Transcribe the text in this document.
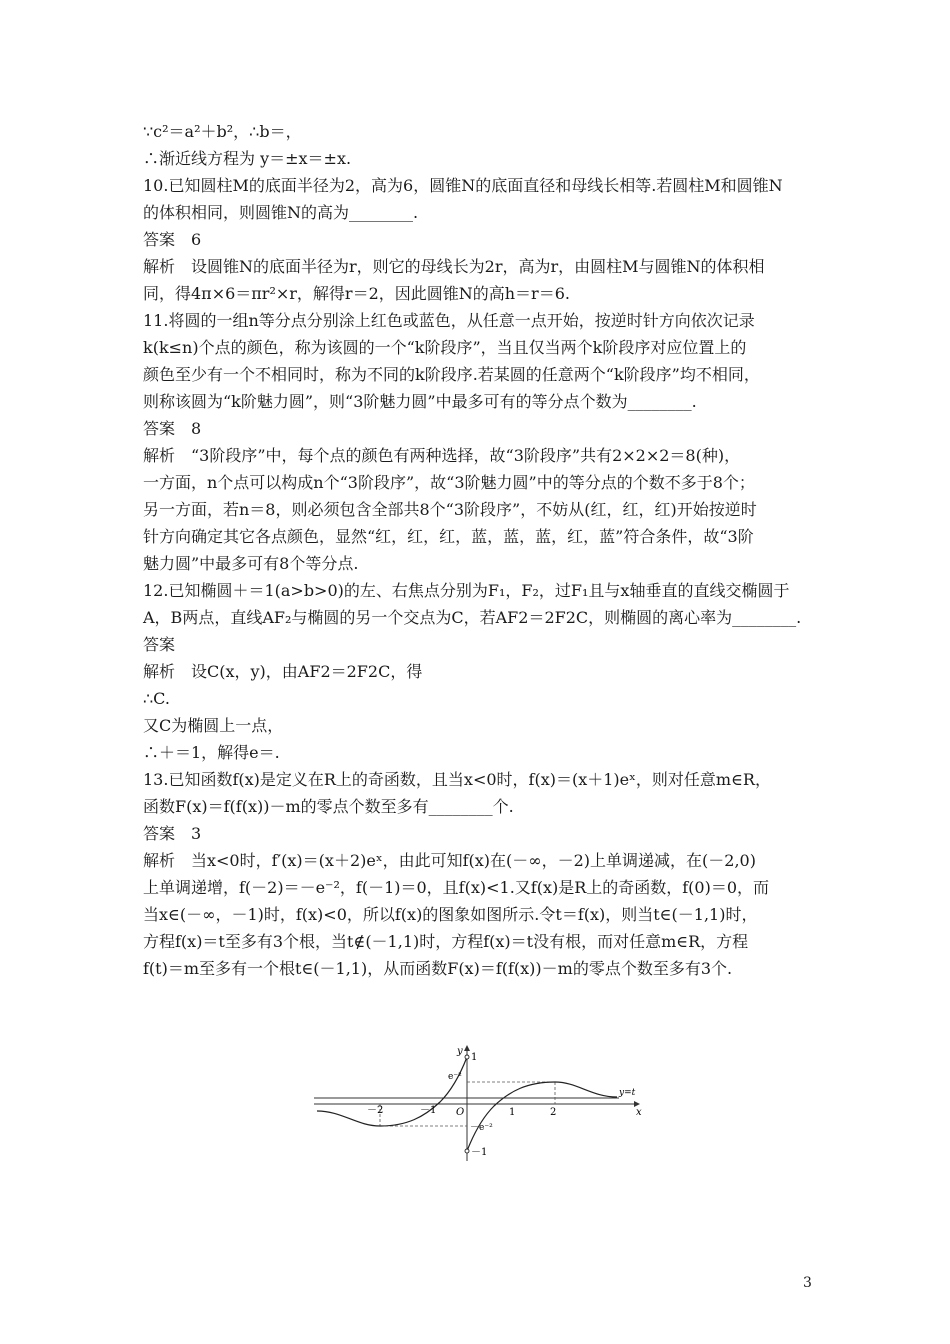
∵c²＝a²＋b²，∴b＝，
∴渐近线方程为 y＝±x＝±x.
10.已知圆柱M的底面半径为2，高为6，圆锥N的底面直径和母线长相等.若圆柱M和圆锥N
的体积相同，则圆锥N的高为________.
答案　6
解析　设圆锥N的底面半径为r，则它的母线长为2r，高为r，由圆柱M与圆锥N的体积相
同，得4π×6＝πr²×r，解得r＝2，因此圆锥N的高h＝r＝6.
11.将圆的一组n等分点分别涂上红色或蓝色，从任意一点开始，按逆时针方向依次记录
k(k≤n)个点的颜色，称为该圆的一个“k阶段序”，当且仅当两个k阶段序对应位置上的
颜色至少有一个不相同时，称为不同的k阶段序.若某圆的任意两个“k阶段序”均不相同，
则称该圆为“k阶魅力圆”，则“3阶魅力圆”中最多可有的等分点个数为________.
答案　8
解析　“3阶段序”中，每个点的颜色有两种选择，故“3阶段序”共有2×2×2＝8(种)，
一方面，n个点可以构成n个“3阶段序”，故“3阶魅力圆”中的等分点的个数不多于8个；
另一方面，若n＝8，则必须包含全部共8个“3阶段序”，不妨从(红，红，红)开始按逆时
针方向确定其它各点颜色，显然“红，红，红，蓝，蓝，蓝，红，蓝”符合条件，故“3阶
魅力圆”中最多可有8个等分点.
12.已知椭圆＋＝1(a>b>0)的左、右焦点分别为F₁，F₂，过F₁且与x轴垂直的直线交椭圆于
A，B两点，直线AF₂与椭圆的另一个交点为C，若AF2＝2F2C，则椭圆的离心率为________.
答案
解析　设C(x，y)，由AF2＝2F2C，得
∴C.
又C为椭圆上一点，
∴＋＝1，解得e＝.
13.已知函数f(x)是定义在R上的奇函数，且当x<0时，f(x)＝(x＋1)eˣ，则对任意m∈R，
函数F(x)＝f(f(x))－m的零点个数至多有________个.
答案　3
解析　当x<0时，f′(x)＝(x＋2)eˣ，由此可知f(x)在(－∞，－2)上单调递减，在(－2,0)
上单调递增，f(－2)＝－e⁻²，f(－1)＝0，且f(x)<1.又f(x)是R上的奇函数，f(0)＝0，而
当x∈(－∞，－1)时，f(x)<0，所以f(x)的图象如图所示.令t＝f(x)，则当t∈(－1,1)时，
方程f(x)＝t至多有3个根，当t∉(－1,1)时，方程f(x)＝t没有根，而对任意m∈R，方程
f(t)＝m至多有一个根t∈(－1,1)，从而函数F(x)＝f(f(x))－m的零点个数至多有3个.
y
x
y=t
O
1
e⁻²
－2	－1	1	2
－e⁻²
－1
3
